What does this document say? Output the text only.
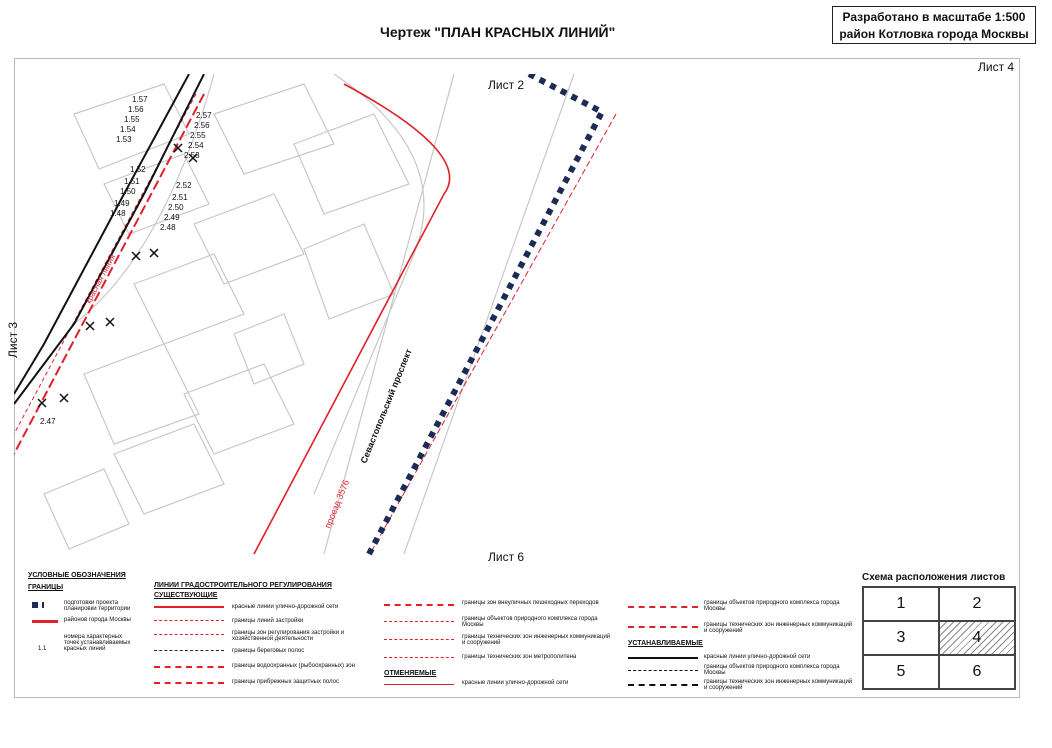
Чертеж "ПЛАН КРАСНЫХ ЛИНИЙ"
Разработано в масштабе 1:500
район Котловка города Москвы
1.57
1.56
1.55
1.54
1.53
1.52
1.51
1.50
1.49
1.48
2.57
2.56
2.55
2.54
2.53
2.52
2.51
2.50
2.49
2.48
2.47	Севастопольский проспект
проезд 3576
красная линия
Лист 4
Лист 2
Лист 3
Лист 6
УСЛОВНЫЕ ОБОЗНАЧЕНИЯ
ГРАНИЦЫ
подготовки проекта планировки территории
районов города Москвы
1.1
номера характерных точек устанавливаемых красных линий
ЛИНИИ ГРАДОСТРОИТЕЛЬНОГО РЕГУЛИРОВАНИЯ
СУЩЕСТВУЮЩИЕ
красные линии улично-дорожной сети
границы линий застройки
границы зон регулирования застройки и хозяйственной деятельности
границы береговых полос
границы водоохранных (рыбоохранных) зон
границы прибрежных защитных полос
границы зон внеуличных пешеходных переходов
границы объектов природного комплекса города Москвы
границы технических зон инженерных коммуникаций и сооружений
границы технических зон метрополитена
ОТМЕНЯЕМЫЕ
красные линии улично-дорожной сети
границы объектов природного комплекса города Москвы
границы технических зон инженерных коммуникаций и сооружений
УСТАНАВЛИВАЕМЫЕ
красные линии улично-дорожной сети
границы объектов природного комплекса города Москвы
границы технических зон инженерных коммуникаций и сооружений
Схема расположения листов
1	2
3	4
5	6
